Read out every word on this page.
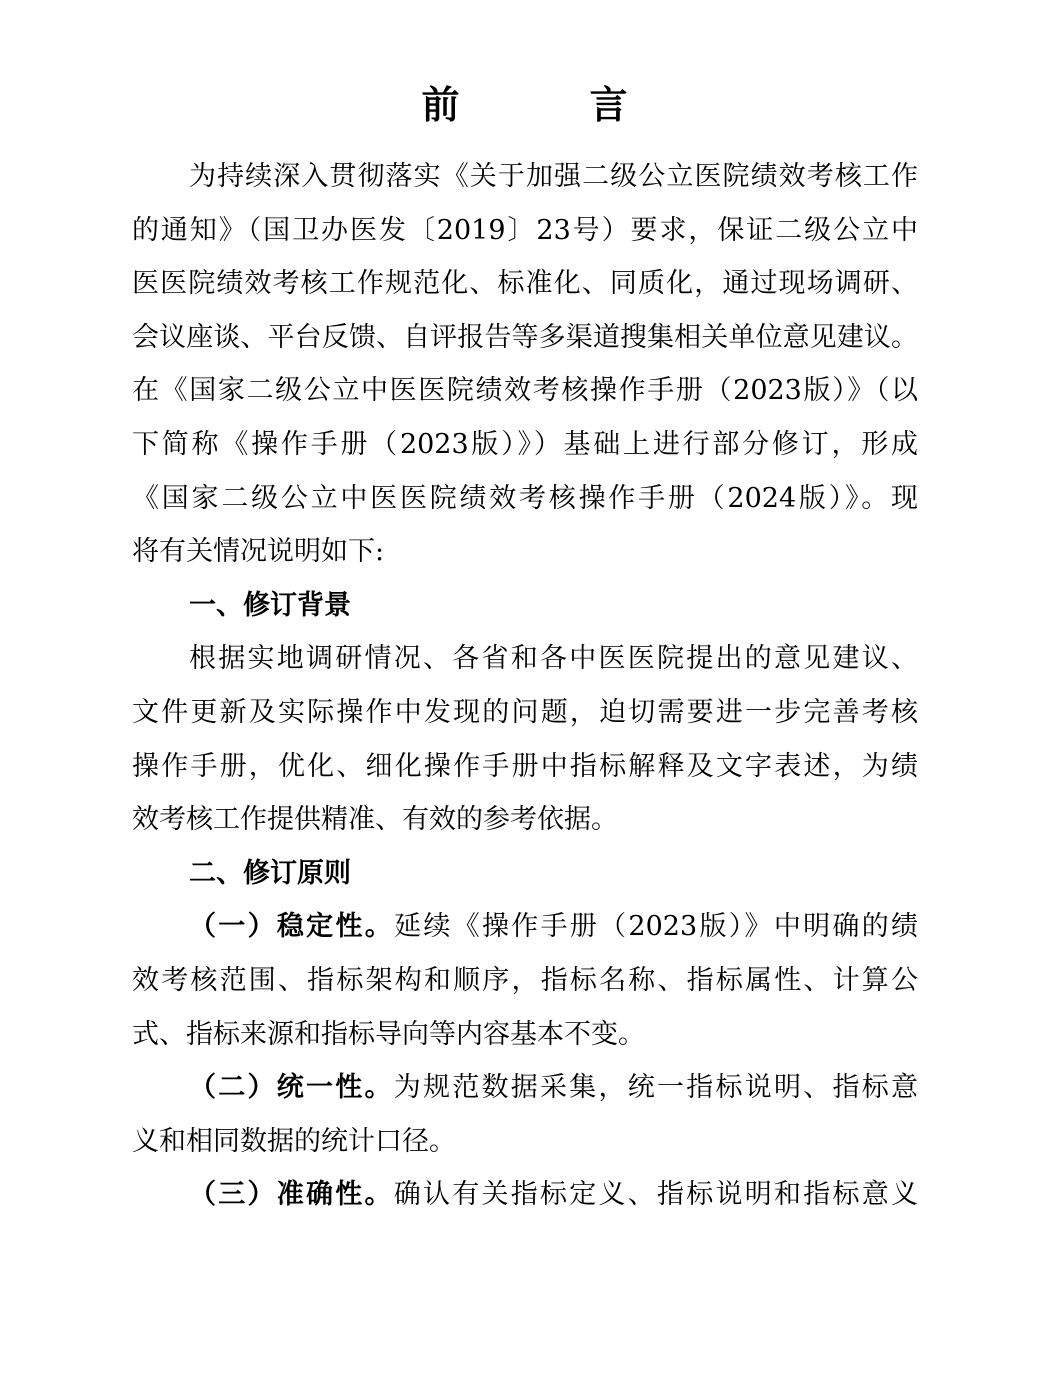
前　言
为持续深入贯彻落实《关于加强二级公立医院绩效考核工作
的通知》（国卫办医发〔2019〕23号）要求，保证二级公立中
医医院绩效考核工作规范化、标准化、同质化，通过现场调研、
会议座谈、平台反馈、自评报告等多渠道搜集相关单位意见建议。
在《国家二级公立中医医院绩效考核操作手册（2023版）》（以
下简称《操作手册（2023版）》）基础上进行部分修订，形成
《国家二级公立中医医院绩效考核操作手册（2024版）》。现
将有关情况说明如下:
一、修订背景
根据实地调研情况、各省和各中医医院提出的意见建议、
文件更新及实际操作中发现的问题，迫切需要进一步完善考核
操作手册，优化、细化操作手册中指标解释及文字表述，为绩
效考核工作提供精准、有效的参考依据。
二、修订原则
（一）稳定性。延续《操作手册（2023版）》中明确的绩
效考核范围、指标架构和顺序，指标名称、指标属性、计算公
式、指标来源和指标导向等内容基本不变。
（二）统一性。为规范数据采集，统一指标说明、指标意
义和相同数据的统计口径。
（三）准确性。确认有关指标定义、指标说明和指标意义
